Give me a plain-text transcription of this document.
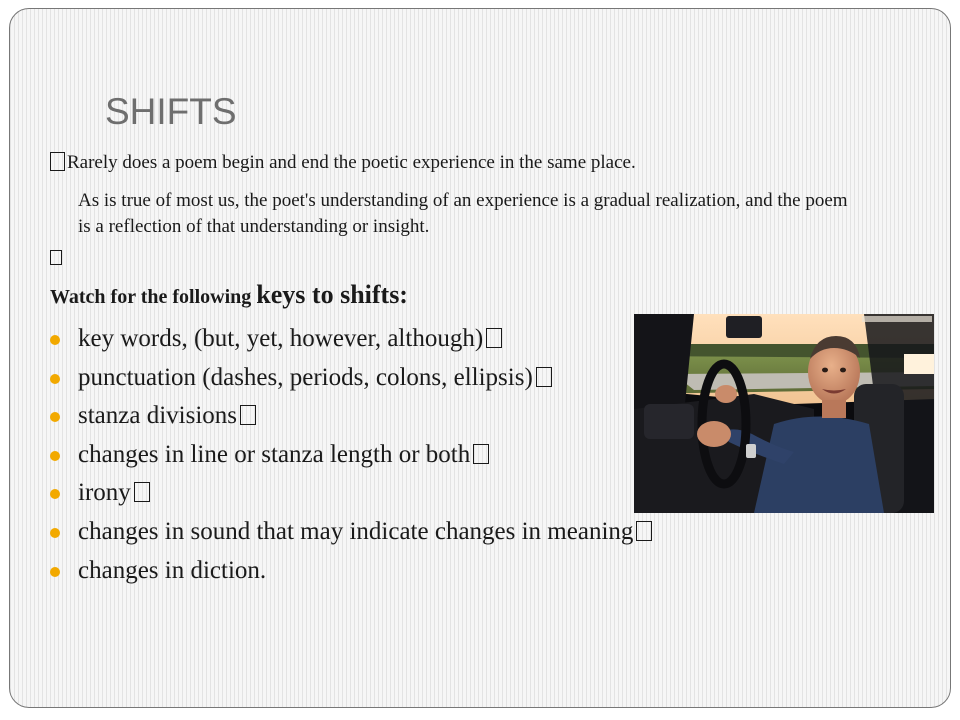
SHIFTS
Rarely does a poem begin and end the poetic experience in the same place.
As is true of most us, the poet's understanding of an experience is a gradual realization, and the poem is a reflection of that understanding or insight.
Watch for the following keys to shifts:
key words, (but, yet, however, although)
punctuation (dashes, periods, colons, ellipsis)
stanza divisions
changes in line or stanza length or both
irony
changes in sound that may indicate changes in meaning
changes in diction.
